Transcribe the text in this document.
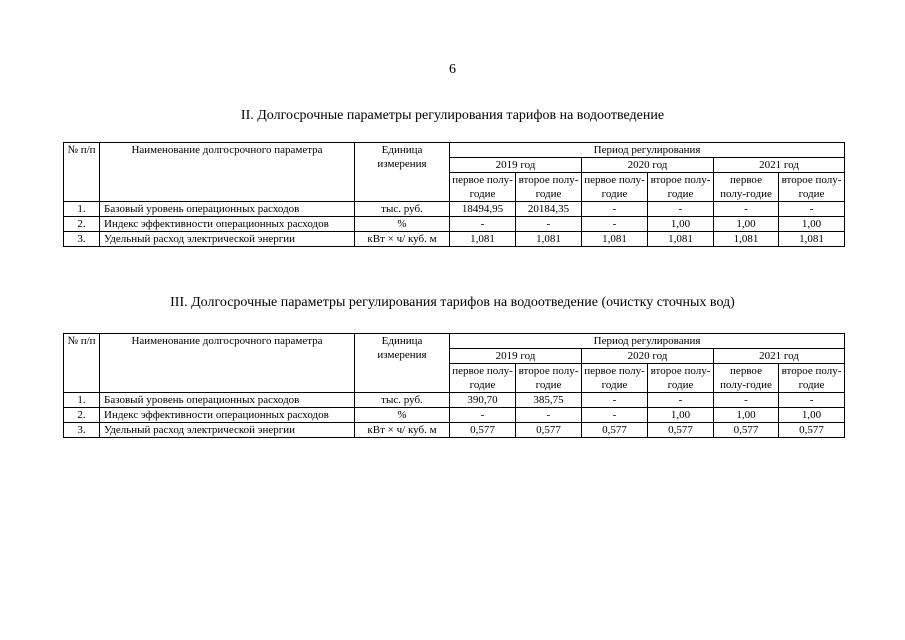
6
II. Долгосрочные параметры регулирования тарифов на водоотведение
№ п/п	Наименование долгосрочного параметра	Единица измерения	Период регулирования					
			2019 год		2020 год		2021 год	
			первое полу-годие	второе полу-годие	первое полу-годие	второе полу-годие	первое полу-годие	второе полу-годие
1.	Базовый уровень операционных расходов	тыс. руб.	18494,95	20184,35	-	-	-	-
2.	Индекс эффективности операционных расходов	%	-	-	-	1,00	1,00	1,00
3.	Удельный расход электрической энергии	кВт × ч/ куб. м	1,081	1,081	1,081	1,081	1,081	1,081
III. Долгосрочные параметры регулирования тарифов на водоотведение (очистку сточных вод)
№ п/п	Наименование долгосрочного параметра	Единица измерения	Период регулирования					
			2019 год		2020 год		2021 год	
			первое полу-годие	второе полу-годие	первое полу-годие	второе полу-годие	первое полу-годие	второе полу-годие
1.	Базовый уровень операционных расходов	тыс. руб.	390,70	385,75	-	-	-	-
2.	Индекс эффективности операционных расходов	%	-	-	-	1,00	1,00	1,00
3.	Удельный расход электрической энергии	кВт × ч/ куб. м	0,577	0,577	0,577	0,577	0,577	0,577
